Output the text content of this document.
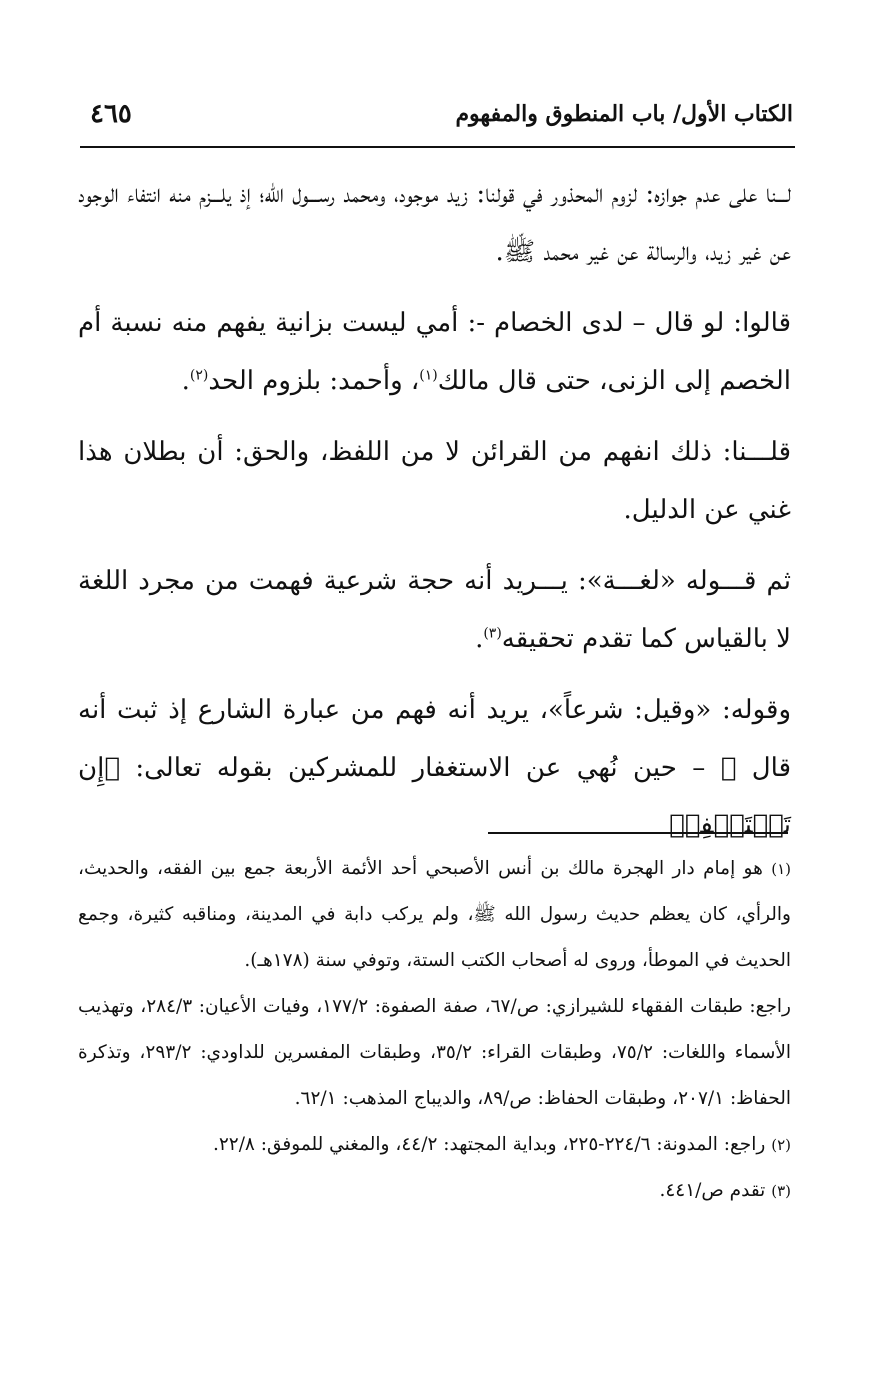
الكتاب الأول/ باب المنطوق والمفهوم
٤٦٥

لـــنا على عدم جوازه: لزوم المحذور في قولنا: زيد موجود، ومحمد رســـول الله؛ إذ يلـــزم منه انتفاء الوجود عن غير زيد، والرسالة عن غير محمد ﷺ.

قالوا: لو قال – لدى الخصام -: أمي ليست بزانية يفهم منه نسبة أم الخصم إلى الزنى، حتى قال مالك$^{(١)}$، وأحمد: بلزوم الحد$^{(٢)}$.

قلـــنا: ذلك انفهم من القرائن لا من اللفظ، والحق: أن بطلان هذا غني عن الدليل.

ثم قـــوله «لغـــة»: يـــريد أنه حجة شرعية فهمت من مجرد اللغة لا بالقياس كما تقدم تحقيقه$^{(٣)}$.

وقوله: «وقيل: شرعاً»، يريد أنه فهم من عبارة الشارع إذ ثبت أنه قال ﷺ – حين نُهي عن الاستغفار للمشركين بقوله تعالى: ﴿إِن تَسۡتَغۡفِرۡ

(١) هو إمام دار الهجرة مالك بن أنس الأصبحي أحد الأئمة الأربعة جمع بين الفقه، والحديث، والرأي، كان يعظم حديث رسول الله ﷺ، ولم يركب دابة في المدينة، ومناقبه كثيرة، وجمع الحديث في الموطأ، وروى له أصحاب الكتب الستة، وتوفي سنة (١٧٨هـ).

راجع: طبقات الفقهاء للشيرازي: ص/٦٧، صفة الصفوة: ١٧٧/٢، وفيات الأعيان: ٢٨٤/٣، وتهذيب الأسماء واللغات: ٧٥/٢، وطبقات القراء: ٣٥/٢، وطبقات المفسرين للداودي: ٢٩٣/٢، وتذكرة الحفاظ: ٢٠٧/١، وطبقات الحفاظ: ص/٨٩، والديباج المذهب: ٦٢/١.

(٢) راجع: المدونة: ٢٢٤/٦-٢٢٥، وبداية المجتهد: ٤٤/٢، والمغني للموفق: ٢٢/٨.

(٣) تقدم ص/٤٤١.
